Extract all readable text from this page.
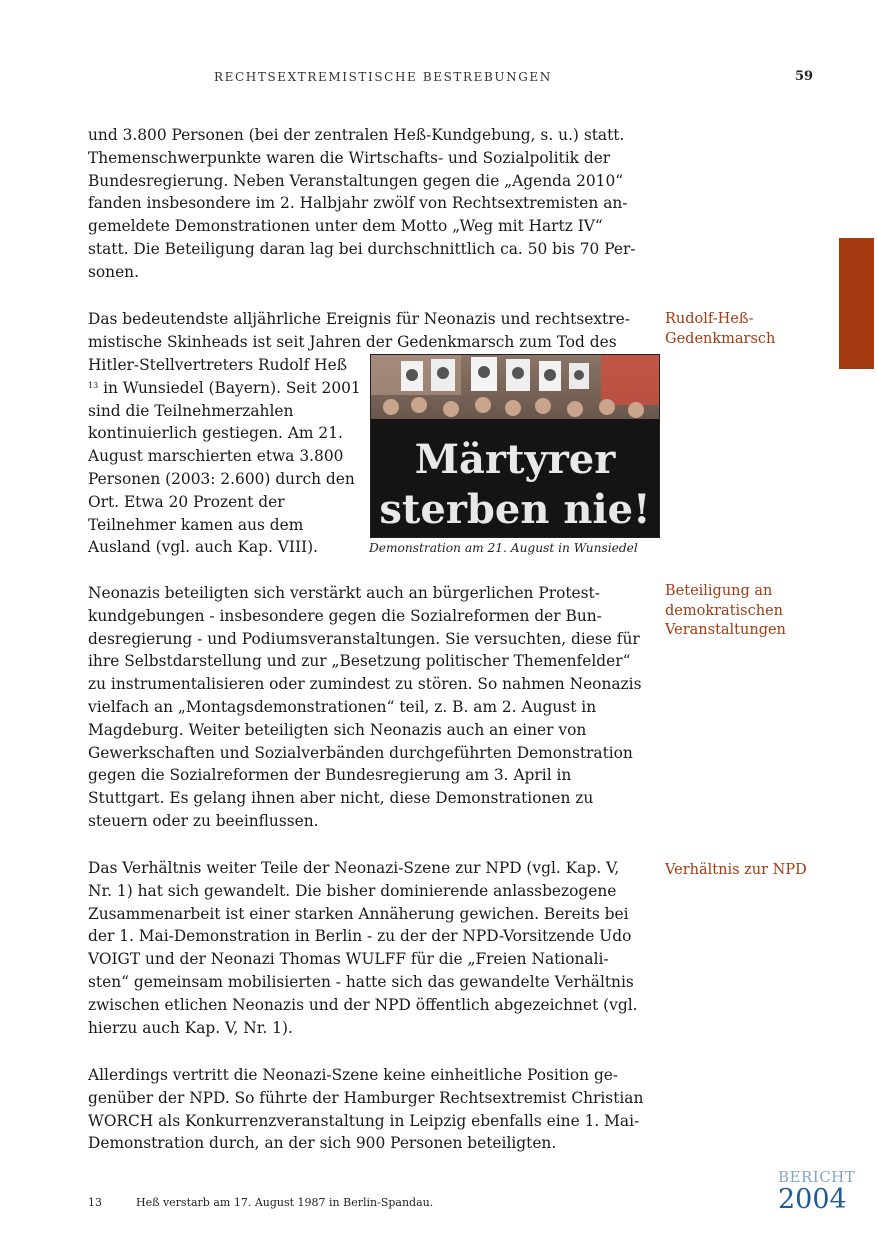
RECHTSEXTREMISTISCHE BESTREBUNGEN	59

und 3.800 Personen (bei der zentralen Heß-Kundgebung, s. u.) statt. Themenschwerpunkte waren die Wirtschafts- und Sozialpolitik der Bundesregierung. Neben Veranstaltungen gegen die „Agenda 2010“ fanden insbesondere im 2. Halbjahr zwölf von Rechtsextremisten angemeldete Demonstrationen unter dem Motto „Weg mit Hartz IV“ statt. Die Beteiligung daran lag bei durchschnittlich ca. 50 bis 70 Personen.

Das bedeutendste alljährliche Ereignis für Neonazis und rechtsextremistische Skinheads ist seit Jahren der Gedenkmarsch zum Tod des

Hitler-Stellvertreters Rudolf Heß
$^{13}$ in Wunsiedel (Bayern). Seit 2001 sind die Teilnehmerzahlen kontinuierlich gestiegen. Am 21. August marschierten etwa 3.800 Personen (2003: 2.600) durch den Ort. Etwa 20 Prozent der Teilnehmer kamen aus dem Ausland (vgl. auch Kap. VIII).
Märtyrer
sterben nie!
Demonstration am 21. August in Wunsiedel
Rudolf-Heß-Gedenkmarsch

Neonazis beteiligten sich verstärkt auch an bürgerlichen Protestkundgebungen - insbesondere gegen die Sozialreformen der Bundesregierung - und Podiumsveranstaltungen. Sie versuchten, diese für ihre Selbstdarstellung und zur „Besetzung politischer Themenfelder“ zu instrumentalisieren oder zumindest zu stören. So nahmen Neonazis vielfach an „Montagsdemonstrationen“ teil, z. B. am 2. August in Magdeburg. Weiter beteiligten sich Neonazis auch an einer von Gewerkschaften und Sozialverbänden durchgeführten Demonstration gegen die Sozialreformen der Bundesregierung am 3. April in Stuttgart. Es gelang ihnen aber nicht, diese Demonstrationen zu steuern oder zu beeinflussen.

Beteiligung an demokratischen Veranstaltungen

Das Verhältnis weiter Teile der Neonazi-Szene zur NPD (vgl. Kap. V, Nr. 1) hat sich gewandelt. Die bisher dominierende anlassbezogene Zusammenarbeit ist einer starken Annäherung gewichen. Bereits bei der 1. Mai-Demonstration in Berlin - zu der der NPD-Vorsitzende Udo VOIGT und der Neonazi Thomas WULFF für die „Freien Nationalisten“ gemeinsam mobilisierten - hatte sich das gewandelte Verhältnis zwischen etlichen Neonazis und der NPD öffentlich abgezeichnet (vgl. hierzu auch Kap. V, Nr. 1).

Verhältnis zur NPD

Allerdings vertritt die Neonazi-Szene keine einheitliche Position gegenüber der NPD. So führte der Hamburger Rechtsextremist Christian WORCH als Konkurrenzveranstaltung in Leipzig ebenfalls eine 1. Mai-Demonstration durch, an der sich 900 Personen beteiligten.

13	Heß verstarb am 17. August 1987 in Berlin-Spandau.
BERICHT
2004
